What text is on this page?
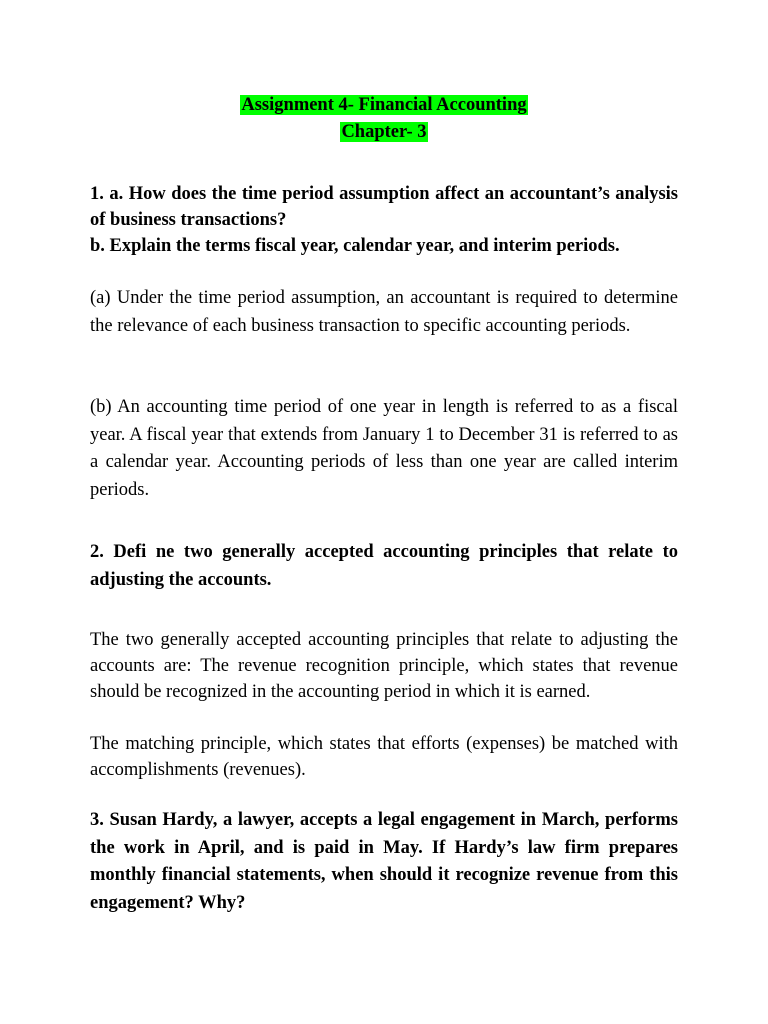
Assignment 4- Financial Accounting
Chapter- 3

1. a. How does the time period assumption affect an accountant’s analysis of business transactions?

b. Explain the terms fiscal year, calendar year, and interim periods.

(a) Under the time period assumption, an accountant is required to determine the relevance of each business transaction to specific accounting periods.

(b) An accounting time period of one year in length is referred to as a fiscal year. A fiscal year that extends from January 1 to December 31 is referred to as a calendar year. Accounting periods of less than one year are called interim periods.

2. Defi ne two generally accepted accounting principles that relate to adjusting the accounts.

The two generally accepted accounting principles that relate to adjusting the accounts are: The revenue recognition principle, which states that revenue should be recognized in the accounting period in which it is earned.

The matching principle, which states that efforts (expenses) be matched with accomplishments (revenues).

3. Susan Hardy, a lawyer, accepts a legal engagement in March, performs the work in April, and is paid in May. If Hardy’s law firm prepares monthly financial statements, when should it recognize revenue from this engagement? Why?
